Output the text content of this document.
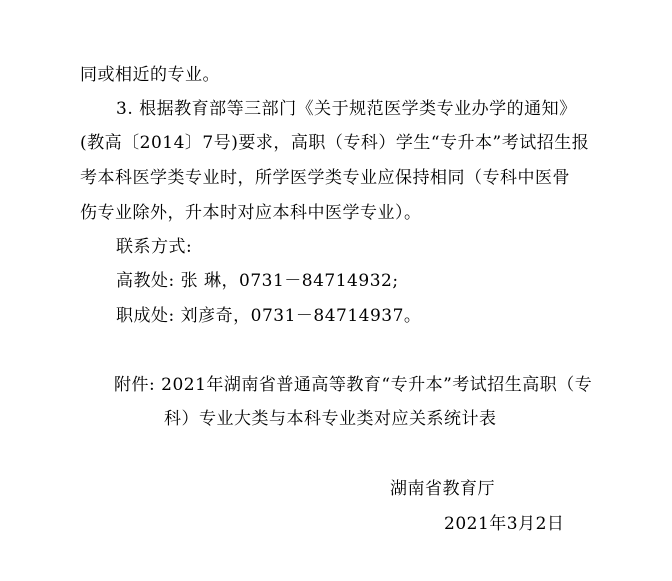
同或相近的专业。
3. 根据教育部等三部门《关于规范医学类专业办学的通知》
(教高〔2014〕7号)要求，高职（专科）学生“专升本”考试招生报
考本科医学类专业时，所学医学类专业应保持相同（专科中医骨
伤专业除外，升本时对应本科中医学专业）。
联系方式:
高教处: 张 琳，0731－84714932;
职成处: 刘彦奇，0731－84714937。
附件: 2021年湖南省普通高等教育“专升本”考试招生高职（专
科）专业大类与本科专业类对应关系统计表
湖南省教育厅
2021年3月2日
